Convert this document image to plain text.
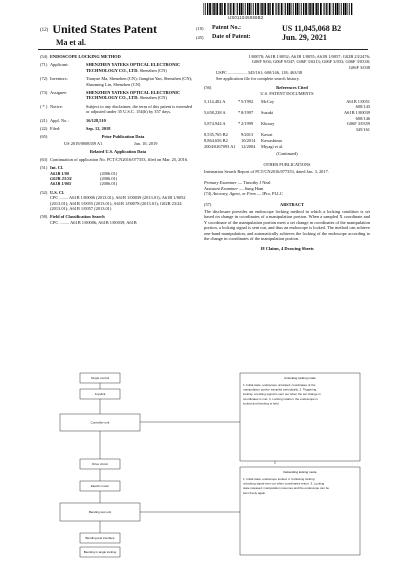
US011045068B2
(12) United States Patent
Ma et al.
(10)	Patent No.:	US 11,045,068 B2
(45)	Date of Patent:	Jun. 29, 2021
(54) ENDOSCOPE LOCKING METHOD
(71) Applicant:	SHENZHEN YATEKS OPTICAL ELECTRONIC TECHNOLOGY CO., LTD. Shenzhen (CN)
(72) Inventors:	Tianyue Ma, Shenzhen (CN); Jiangfan Yan, Shenzhen (CN); Shaoming Lin, Shenzhen (CN)
(73) Assignee:	SHENZHEN YATEKS OPTICAL ELECTRONIC TECHNOLOGY CO., LTD. Shenzhen (CN)
( * ) Notice:	Subject to any disclaimer, the term of this patent is extended or adjusted under 35 U.S.C. 154(b) by 357 days.
(21) Appl. No.:	16/128,510
(22) Filed:	Sep. 12, 2018
(65)	Prior Publication Data
US 2019/0008359 A1	Jan. 10, 2019
Related U.S. Application Data
(63) Continuation of application No. PCT/CN2016/077353, filed on Mar. 25, 2016.
(51) Int. Cl.
A61B 1/00	(2006.01)
G02B 23/24	(2006.01)
A61B 1/005	(2006.01)
(52) U.S. Cl.
CPC ........ A61B 1/00006 (2013.01); A61B 1/00039 (2013.01); A61B 1/0052 (2013.01); A61B 1/0055 (2013.01); A61B 1/00078 (2013.01); G02B 23/24 (2013.01); A61B 1/0057 (2013.01)
(58) Field of Classification Search
CPC ......... A61B 1/00006; A61B 1/00039; A61B
1/00078; A61B 1/0052; A61B 1/0055; A61B 1/0057; G02B 23/2476; G06F 9/04; G06F 9/047; G06F 3/0213; G06F 3/033; G06F 3/0338; G06F 3/038
USPC ................. 345/161; 600/146, 118; 463/38
See application file for complete search history.
(56)	References Cited
U.S. PATENT DOCUMENTS
5,114,402 A	* 5/1992	McCoy	A61B 1/0051
600/143
5,658,238 A	* 8/1997	Suzuki	A61B 1/00039
600/146
5,874,944 A	* 2/1999	Khoury	G06F 3/0359
345/161
8,535,765 B2	9/2013	Kawai
8,864,656 B2	10/2014	Kawashima
2004/0267093 A1	12/2004	Miyagi et al.
(Continued)
OTHER PUBLICATIONS
Internation Search Report of PCT/CN2016/077353, dated Jan. 3, 2017.
Primary Examiner — Timothy J Neal
Assistant Examiner — Sung Ham
(74) Attorney, Agent, or Firm — IPro, PLLC
(57)	ABSTRACT
The disclosure provides an endoscope locking method in which a locking condition is set based on change in coordinates of a manipulation portion. When a sampled X coordinate and Y coordinate of the manipulation portion meet a set change in coordinates of the manipulation portion, a locking signal is sent out, and thus an endoscope is locked. The method can achieve one-hand manipulation, and automatically achieves the locking of the endoscope according to the change in coordinates of the manipulation portion.
18 Claims, 4 Drawing Sheets
Unlocking locking mode
Debending locking mode
1. Initial state: endoscope unlocked; coordinates of the
manipulation portion sampled periodically. 2. Triggering
locking: a locking signal is sent out when the set change in
coordinates is met. 3. Locking relation: the endoscope is
locked and bending is held.
1. Initial state: endoscope locked. 2. Following locking:
unlocking signal sent out when coordinates return. 3. Locking
state released; manipulation resumes and the endoscope can be
bent freely again.
Single control
Joystick
Controller unit
Drive circuit
Electric motor
Bending test unit
Bending test interface
Bending in angle locking
